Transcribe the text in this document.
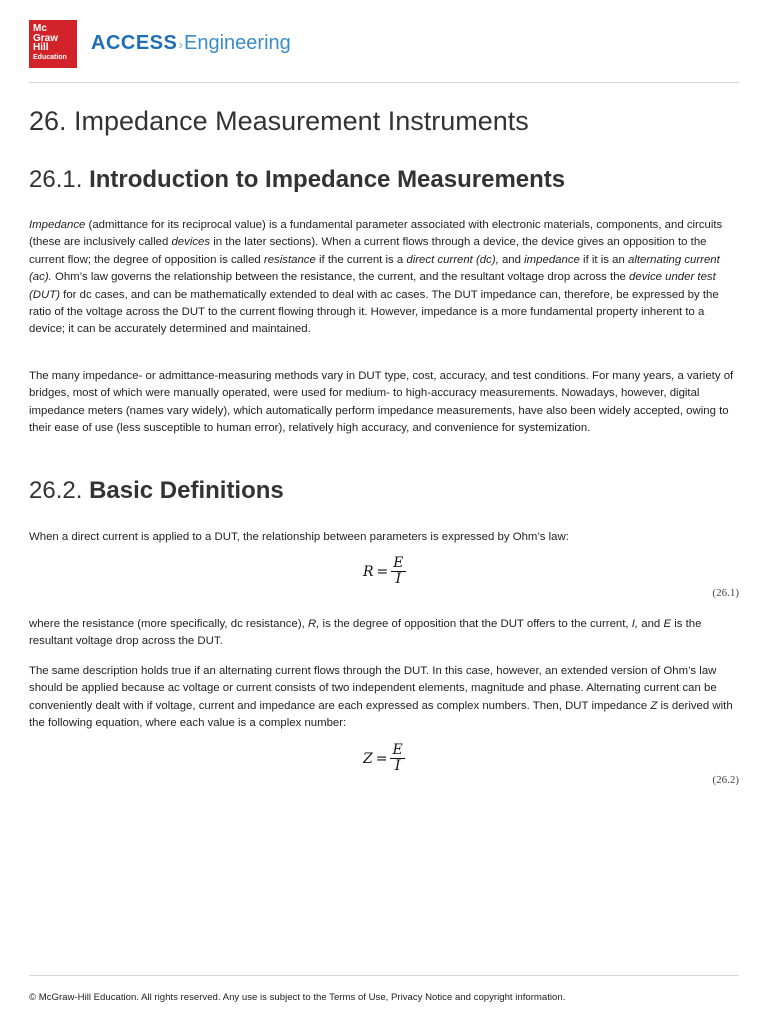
Mc
Graw
Hill
Education
ACCESS›Engineering
26. Impedance Measurement Instruments
26.1. Introduction to Impedance Measurements
Impedance (admittance for its reciprocal value) is a fundamental parameter associated with electronic materials, components, and circuits (these are inclusively called devices in the later sections). When a current flows through a device, the device gives an opposition to the current flow; the degree of opposition is called resistance if the current is a direct current (dc), and impedance if it is an alternating current (ac). Ohm’s law governs the relationship between the resistance, the current, and the resultant voltage drop across the device under test (DUT) for dc cases, and can be mathematically extended to deal with ac cases. The DUT impedance can, therefore, be expressed by the ratio of the voltage across the DUT to the current flowing through it. However, impedance is a more fundamental property inherent to a device; it can be accurately determined and maintained.
The many impedance- or admittance-measuring methods vary in DUT type, cost, accuracy, and test conditions. For many years, a variety of bridges, most of which were manually operated, were used for medium- to high-accuracy measurements. Nowadays, however, digital impedance meters (names vary widely), which automatically perform impedance measurements, have also been widely accepted, owing to their ease of use (less susceptible to human error), relatively high accuracy, and convenience for systemization.
26.2. Basic Definitions
When a direct current is applied to a DUT, the relationship between parameters is expressed by Ohm’s law:
$R = \frac{E}{I}$
(26.1)
where the resistance (more specifically, dc resistance), R, is the degree of opposition that the DUT offers to the current, I, and E is the resultant voltage drop across the DUT.
The same description holds true if an alternating current flows through the DUT. In this case, however, an extended version of Ohm’s law should be applied because ac voltage or current consists of two independent elements, magnitude and phase. Alternating current can be conveniently dealt with if voltage, current and impedance are each expressed as complex numbers. Then, DUT impedance Z is derived with the following equation, where each value is a complex number:
$Z = \frac{E}{I}$
(26.2)
© McGraw-Hill Education. All rights reserved. Any use is subject to the Terms of Use, Privacy Notice and copyright information.
